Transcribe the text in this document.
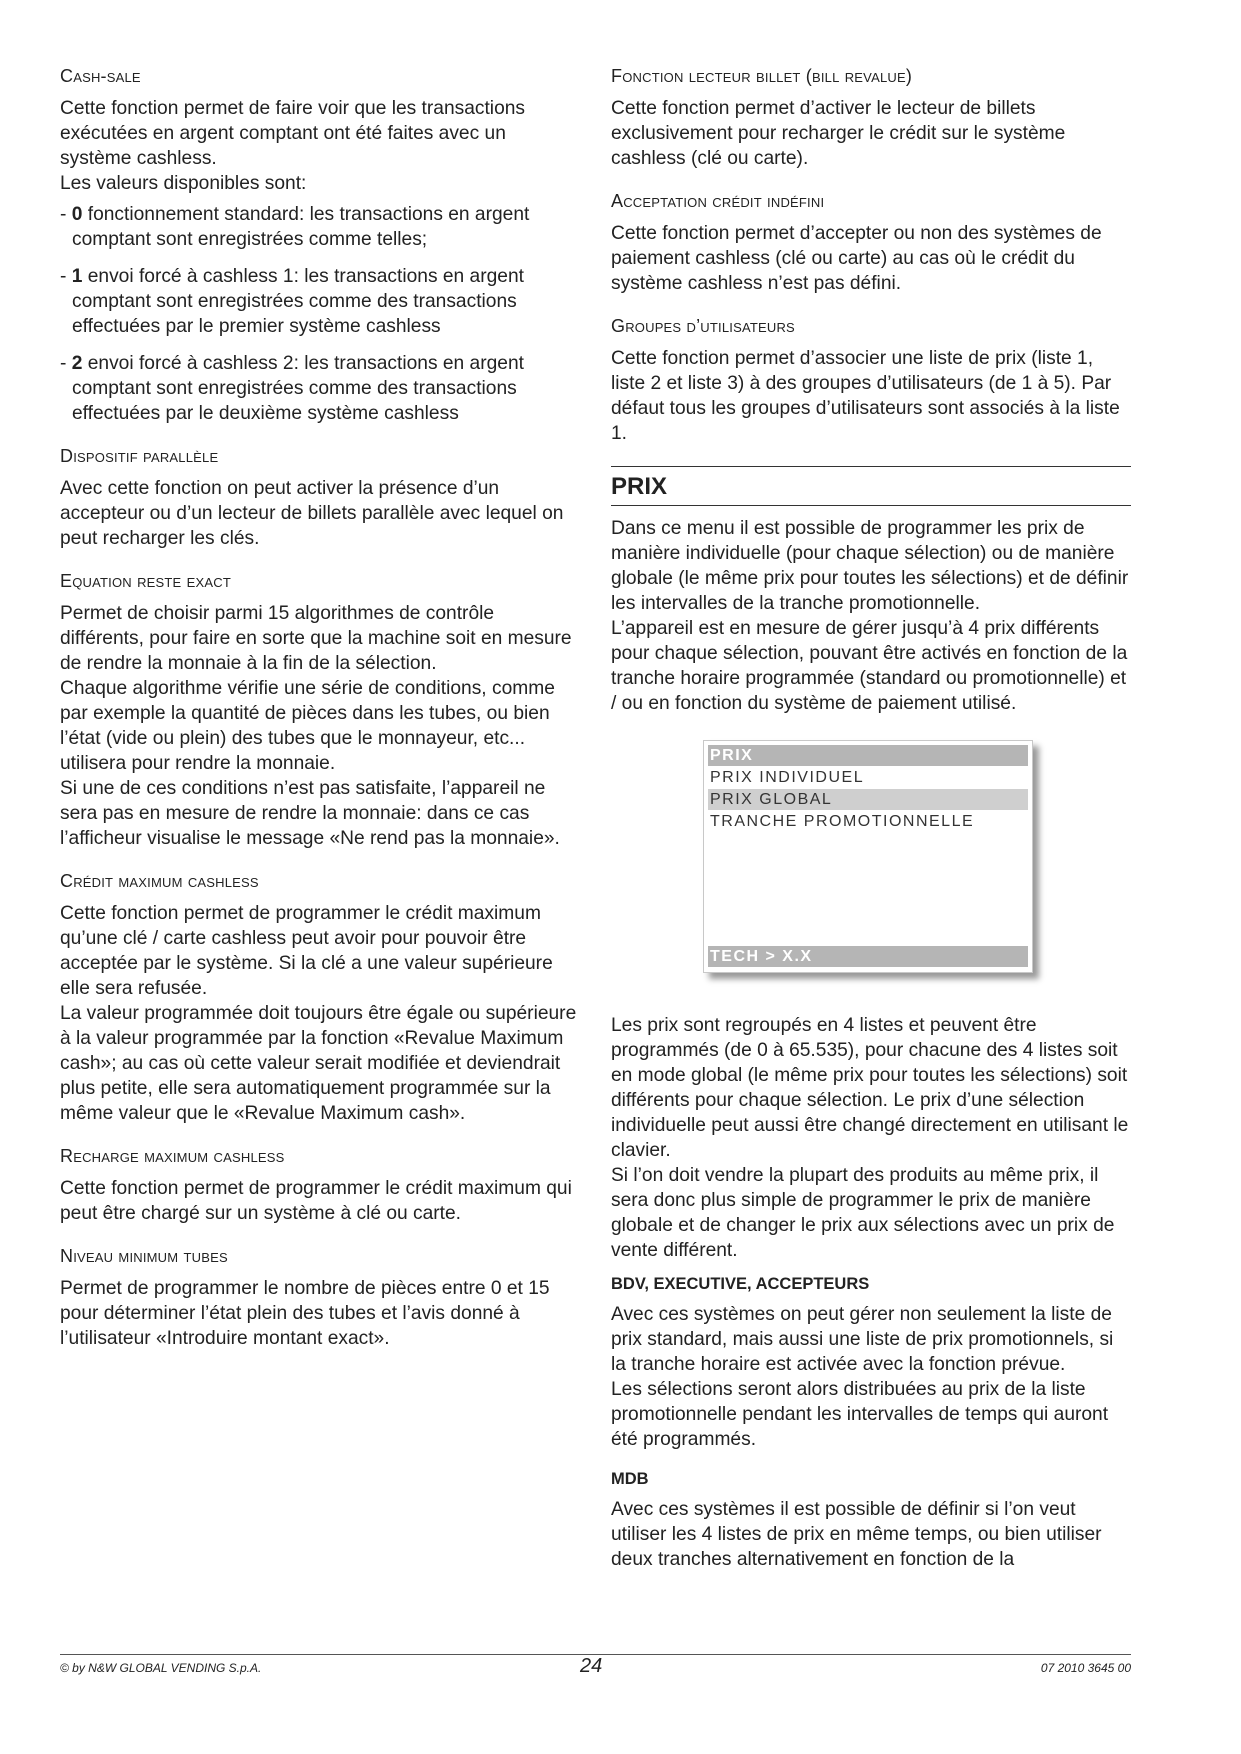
Cash-sale

Cette fonction permet de faire voir que les transactions exécutées en argent comptant ont été faites avec un système cashless.

Les valeurs disponibles sont:

- 0 fonctionnement standard: les transactions en argent comptant sont enregistrées comme telles;
- 1 envoi forcé à cashless 1: les transactions en argent comptant sont enregistrées comme des transactions effectuées par le premier système cashless
- 2 envoi forcé à cashless 2: les transactions en argent comptant sont enregistrées comme des transactions effectuées par le deuxième système cashless
Dispositif parallèle

Avec cette fonction on peut activer la présence d’un accepteur ou d’un lecteur de billets parallèle avec lequel on peut recharger les clés.

Equation reste exact

Permet de choisir parmi 15 algorithmes de contrôle différents, pour faire en sorte que la machine soit en mesure de rendre la monnaie à la fin de la sélection.

Chaque algorithme vérifie une série de conditions, comme par exemple la quantité de pièces dans les tubes, ou bien l’état (vide ou plein) des tubes que le monnayeur, etc... utilisera pour rendre la monnaie.

Si une de ces conditions n’est pas satisfaite, l’appareil ne sera pas en mesure de rendre la monnaie: dans ce cas l’afficheur visualise le message «Ne rend pas la monnaie».

Crédit maximum cashless

Cette fonction permet de programmer le crédit maximum qu’une clé / carte cashless peut avoir pour pouvoir être acceptée par le système. Si la clé a une valeur supérieure elle sera refusée.

La valeur programmée doit toujours être égale ou supérieure à la valeur programmée par la fonction «Revalue Maximum cash»; au cas où cette valeur serait modifiée et deviendrait plus petite, elle sera automatiquement programmée sur la même valeur que le «Revalue Maximum cash».

Recharge maximum cashless

Cette fonction permet de programmer le crédit maximum qui peut être chargé sur un système à clé ou carte.

Niveau minimum tubes

Permet de programmer le nombre de pièces entre 0 et 15 pour déterminer l’état plein des tubes et l’avis donné à l’utilisateur «Introduire montant exact».

Fonction lecteur billet (bill revalue)

Cette fonction permet d’activer le lecteur de billets exclusivement pour recharger le crédit sur le système cashless (clé ou carte).

Acceptation crédit indéfini

Cette fonction permet d’accepter ou non des systèmes de paiement cashless (clé ou carte) au cas où le crédit du système cashless n’est pas défini.

Groupes d’utilisateurs

Cette fonction permet d’associer une liste de prix (liste 1, liste 2 et liste 3) à des groupes d’utilisateurs (de 1 à 5). Par défaut tous les groupes d’utilisateurs sont associés à la liste 1.

PRIX

Dans ce menu il est possible de programmer les prix de manière individuelle (pour chaque sélection) ou de manière globale (le même prix pour toutes les sélections) et de définir les intervalles de la tranche promotionnelle.

L’appareil est en mesure de gérer jusqu’à 4 prix différents pour chaque sélection, pouvant être activés en fonction de la tranche horaire programmée (standard ou promotionnelle) et / ou en fonction du système de paiement utilisé.

PRIX
PRIX INDIVIDUEL
PRIX GLOBAL
TRANCHE PROMOTIONNELLE
TECH > X.X

Les prix sont regroupés en 4 listes et peuvent être programmés (de 0 à 65.535), pour chacune des 4 listes soit en mode global (le même prix pour toutes les sélections) soit différents pour chaque sélection. Le prix d’une sélection individuelle peut aussi être changé directement en utilisant le clavier.

Si l’on doit vendre la plupart des produits au même prix, il sera donc plus simple de programmer le prix de manière globale et de changer le prix aux sélections avec un prix de vente différent.

BDV, EXECUTIVE, ACCEPTEURS

Avec ces systèmes on peut gérer non seulement la liste de prix standard, mais aussi une liste de prix promotionnels, si la tranche horaire est activée avec la fonction prévue.

Les sélections seront alors distribuées au prix de la liste promotionnelle pendant les intervalles de temps qui auront été programmés.

MDB

Avec ces systèmes il est possible de définir si l’on veut utiliser les 4 listes de prix en même temps, ou bien utiliser deux tranches alternativement en fonction de la

© by N&W GLOBAL VENDING S.p.A.	24	07 2010 3645 00
